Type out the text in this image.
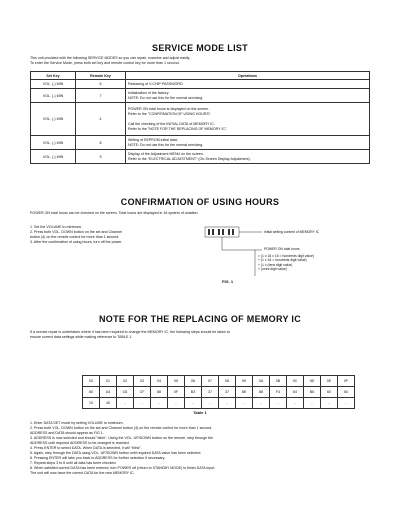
SERVICE MODE LIST
This unit provided with the following SERVICE MODES so you can repair, examine and adjust easily.
To enter the Service Mode, press both set key and remote control key for more than 1 second.
Set Key	Remote Key	Operations
VOL. (-) MIN	6	Releasing of V-CHIP PASSWORD

VOL. (-) MIN	7	Initialization of the factory
NOTE: Do not use this for the normal servicing.

VOL. (-) MIN	4	POWER ON total hours is displayed on the screen.
Refer to the "CONFIRMATION OF USING HOURS".
Call the checking of the INITIAL DATA of MEMORY IC.
Refer to the "NOTE FOR THE REPLACING OF MEMORY IC".

VOL. (-) MIN	8	Writing of EEPROM initial data.
NOTE: Do not use this for the normal servicing.

VOL. (-) MIN	9	Display of the Adjustment MENU on the screen.
Refer to the "ELECTRICAL ADJUSTMENT" (On-Screen Display Adjustment).
CONFIRMATION OF USING HOURS
POWER ON total hours can be checked on the screen. Total hours are displayed in 16 system of notation.
1. Set the VOLUME to minimum.
2. Press both VOL. DOWN button on the set and Channel
button (4) on the remote control for more than 1 second.
3. After the confirmation of using hours, turn off the power.
Initial setting content of MEMORY IC
POWER ON total hours
= (1 x 16 x 16 = hundreds digit value)
+ (1 x 16 = hundreds digit value)
+ (1 x (tens digit value)
+ (ones digit value)
FIG. 1
NOTE FOR THE REPLACING OF MEMORY IC
If a service repair is undertaken where it has been required to change the MEMORY IC, the following steps should be taken to
ensure correct data settings while making reference to TABLE 1.
00	01	02	03	04	05	06	07	08	09	0A	0B	0C	0D	0E	0F
80	A4	C6	CF	88	0F	B3	37	37	8E	88	F4	64	B6	60	60
10	40	-	-	-	-	-	-	-	-	-	-	-	-	-	-
Table 1
1. Enter DATA SET mode by setting VOLUME to minimum.
2. Press both VOL. DOWN button on the set and Channel button (4) on the remote control for more than 1 second.
ADDRESS and DATA should appear as FIG 1.
3. ADDRESS is now selected and should "blink". Using the VOL. UP/DOWN button on the remote, step through the
ADDRESS until required ADDRESS to be changed is reached.
4. Press ENTER to select DATA. When DATA is selected, it will "blink".
5. Again, step through the DATA using VOL. UP/DOWN button until required DATA value has been selected.
6. Pressing ENTER will take you back to ADDRESS for further selection if necessary.
7. Repeat steps 3 to 6 until all data has been checked.
8. When satisfied correct DATA has been entered, turn POWER off (return to STANDBY MODE) to finish DATA input.
The unit will now have the correct DATA for the new MEMORY IC.
